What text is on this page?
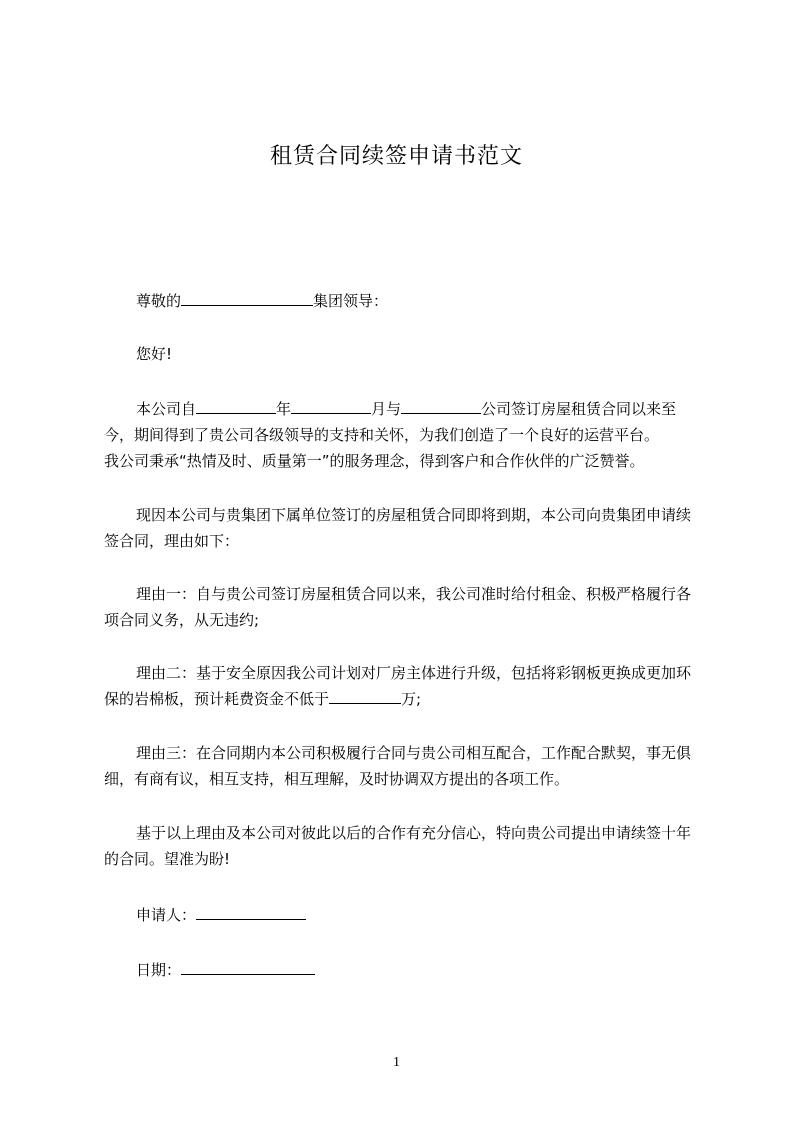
租赁合同续签申请书范文

尊敬的	集团领导：

您好!

本公司自	年	月与	公司签订房屋租赁合同以来至
今，期间得到了贵公司各级领导的支持和关怀，为我们创造了一个良好的运营平台。
我公司秉承“热情及时、质量第一”的服务理念，得到客户和合作伙伴的广泛赞誉。

现因本公司与贵集团下属单位签订的房屋租赁合同即将到期，本公司向贵集团申请续签合同，理由如下：

理由一：自与贵公司签订房屋租赁合同以来，我公司准时给付租金、积极严格履行各项合同义务，从无违约;

理由二：基于安全原因我公司计划对厂房主体进行升级，包括将彩钢板更换成更加环保的岩棉板，预计耗费资金不低于	万;

理由三：在合同期内本公司积极履行合同与贵公司相互配合，工作配合默契，事无俱细，有商有议，相互支持，相互理解，及时协调双方提出的各项工作。

基于以上理由及本公司对彼此以后的合作有充分信心，特向贵公司提出申请续签十年的合同。望准为盼!

申请人：

日期：

1
